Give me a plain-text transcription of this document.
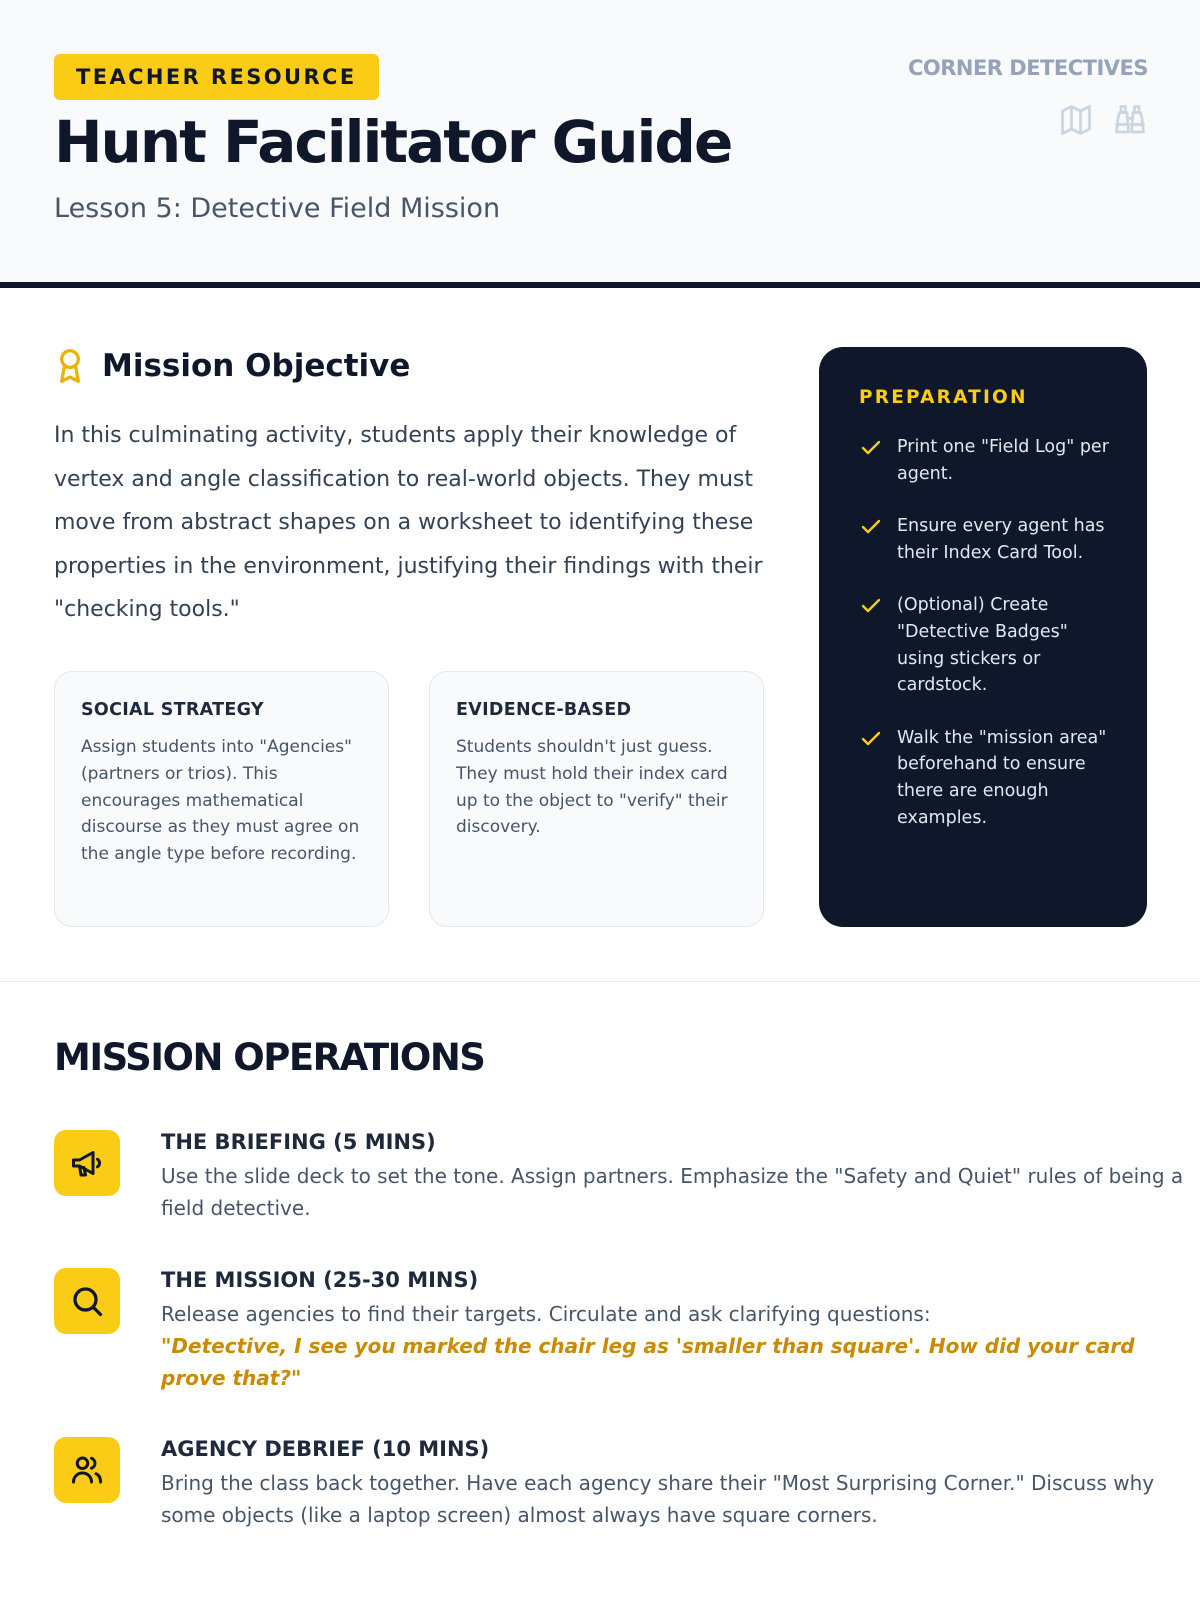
TEACHER RESOURCE
Hunt Facilitator Guide
Lesson 5: Detective Field Mission
CORNER DETECTIVES
Mission Objective

In this culminating activity, students apply their knowledge of vertex and angle classification to real-world objects. They must move from abstract shapes on a worksheet to identifying these properties in the environment, justifying their findings with their "checking tools."

SOCIAL STRATEGY
Assign students into "Agencies" (partners or trios). This encourages mathematical discourse as they must agree on the angle type before recording.
EVIDENCE-BASED
Students shouldn't just guess. They must hold their index card up to the object to "verify" their discovery.
PREPARATION
Print one "Field Log" per agent.
Ensure every agent has their Index Card Tool.
(Optional) Create "Detective Badges" using stickers or cardstock.
Walk the "mission area" beforehand to ensure there are enough examples.
MISSION OPERATIONS
THE BRIEFING (5 MINS)
Use the slide deck to set the tone. Assign partners. Emphasize the "Safety and Quiet" rules of being a field detective.
THE MISSION (25-30 MINS)
Release agencies to find their targets. Circulate and ask clarifying questions:
"Detective, I see you marked the chair leg as 'smaller than square'. How did your card prove that?"
AGENCY DEBRIEF (10 MINS)
Bring the class back together. Have each agency share their "Most Surprising Corner." Discuss why some objects (like a laptop screen) almost always have square corners.
